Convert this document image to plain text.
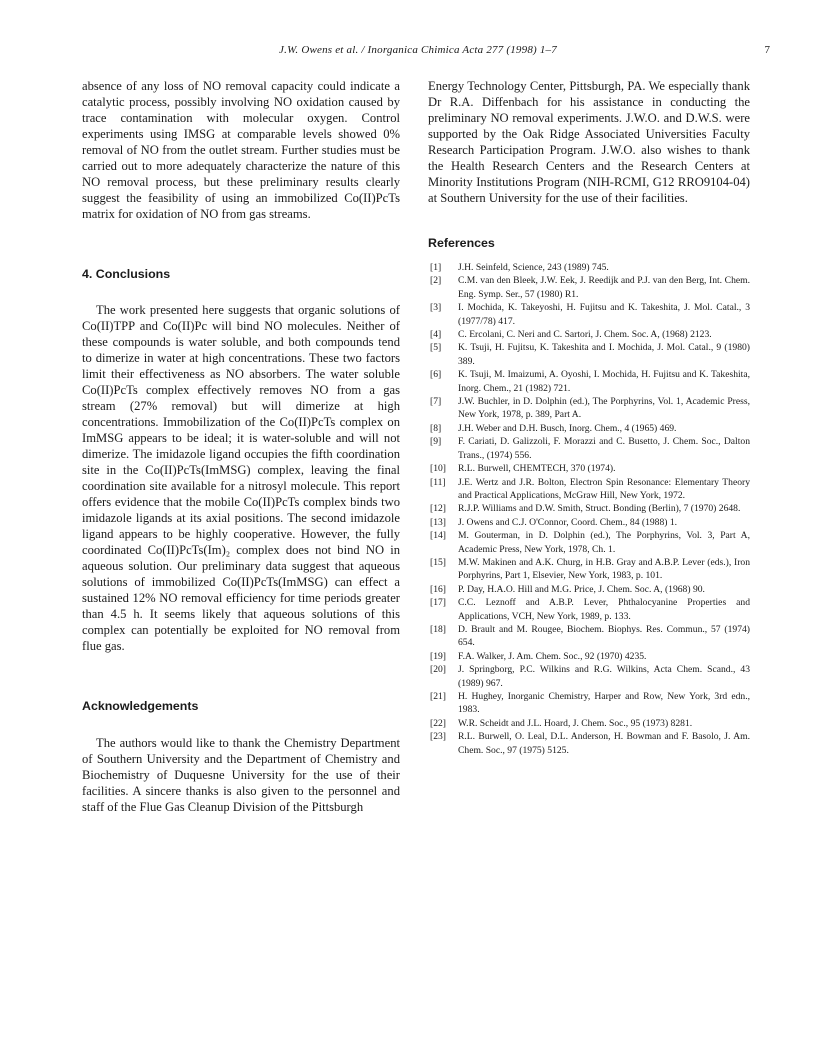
J.W. Owens et al. / Inorganica Chimica Acta 277 (1998) 1–7	7

absence of any loss of NO removal capacity could indicate a catalytic process, possibly involving NO oxidation caused by trace contamination with molecular oxygen. Control experiments using IMSG at comparable levels showed 0% removal of NO from the outlet stream. Further studies must be carried out to more adequately characterize the nature of this NO removal process, but these preliminary results clearly suggest the feasibility of using an immobilized Co(II)PcTs matrix for oxidation of NO from gas streams.

4. Conclusions

The work presented here suggests that organic solutions of Co(II)TPP and Co(II)Pc will bind NO molecules. Neither of these compounds is water soluble, and both compounds tend to dimerize in water at high concentrations. These two factors limit their effectiveness as NO absorbers. The water soluble Co(II)PcTs complex effectively removes NO from a gas stream (27% removal) but will dimerize at high concentrations. Immobilization of the Co(II)PcTs complex on ImMSG appears to be ideal; it is water-soluble and will not dimerize. The imidazole ligand occupies the fifth coordination site in the Co(II)PcTs(ImMSG) complex, leaving the final coordination site available for a nitrosyl molecule. This report offers evidence that the mobile Co(II)PcTs complex binds two imidazole ligands at its axial positions. The second imidazole ligand appears to be highly cooperative. However, the fully coordinated Co(II)PcTs(Im)₂ complex does not bind NO in aqueous solution. Our preliminary data suggest that aqueous solutions of immobilized Co(II)PcTs(ImMSG) can effect a sustained 12% NO removal efficiency for time periods greater than 4.5 h. It seems likely that aqueous solutions of this complex can potentially be exploited for NO removal from flue gas.

Acknowledgements

The authors would like to thank the Chemistry Department of Southern University and the Department of Chemistry and Biochemistry of Duquesne University for the use of their facilities. A sincere thanks is also given to the personnel and staff of the Flue Gas Cleanup Division of the Pittsburgh

Energy Technology Center, Pittsburgh, PA. We especially thank Dr R.A. Diffenbach for his assistance in conducting the preliminary NO removal experiments. J.W.O. and D.W.S. were supported by the Oak Ridge Associated Universities Faculty Research Participation Program. J.W.O. also wishes to thank the Health Research Centers and the Research Centers at Minority Institutions Program (NIH-RCMI, G12 RRO9104-04) at Southern University for the use of their facilities.

References
[1] J.H. Seinfeld, Science, 243 (1989) 745.
[2] C.M. van den Bleek, J.W. Eek, J. Reedijk and P.J. van den Berg, Int. Chem. Eng. Symp. Ser., 57 (1980) R1.
[3] I. Mochida, K. Takeyoshi, H. Fujitsu and K. Takeshita, J. Mol. Catal., 3 (1977/78) 417.
[4] C. Ercolani, C. Neri and C. Sartori, J. Chem. Soc. A, (1968) 2123.
[5] K. Tsuji, H. Fujitsu, K. Takeshita and I. Mochida, J. Mol. Catal., 9 (1980) 389.
[6] K. Tsuji, M. Imaizumi, A. Oyoshi, I. Mochida, H. Fujitsu and K. Takeshita, Inorg. Chem., 21 (1982) 721.
[7] J.W. Buchler, in D. Dolphin (ed.), The Porphyrins, Vol. 1, Academic Press, New York, 1978, p. 389, Part A.
[8] J.H. Weber and D.H. Busch, Inorg. Chem., 4 (1965) 469.
[9] F. Cariati, D. Galizzoli, F. Morazzi and C. Busetto, J. Chem. Soc., Dalton Trans., (1974) 556.
[10] R.L. Burwell, CHEMTECH, 370 (1974).
[11] J.E. Wertz and J.R. Bolton, Electron Spin Resonance: Elementary Theory and Practical Applications, McGraw Hill, New York, 1972.
[12] R.J.P. Williams and D.W. Smith, Struct. Bonding (Berlin), 7 (1970) 2648.
[13] J. Owens and C.J. O'Connor, Coord. Chem., 84 (1988) 1.
[14] M. Gouterman, in D. Dolphin (ed.), The Porphyrins, Vol. 3, Part A, Academic Press, New York, 1978, Ch. 1.
[15] M.W. Makinen and A.K. Churg, in H.B. Gray and A.B.P. Lever (eds.), Iron Porphyrins, Part 1, Elsevier, New York, 1983, p. 101.
[16] P. Day, H.A.O. Hill and M.G. Price, J. Chem. Soc. A, (1968) 90.
[17] C.C. Leznoff and A.B.P. Lever, Phthalocyanine Properties and Applications, VCH, New York, 1989, p. 133.
[18] D. Brault and M. Rougee, Biochem. Biophys. Res. Commun., 57 (1974) 654.
[19] F.A. Walker, J. Am. Chem. Soc., 92 (1970) 4235.
[20] J. Springborg, P.C. Wilkins and R.G. Wilkins, Acta Chem. Scand., 43 (1989) 967.
[21] H. Hughey, Inorganic Chemistry, Harper and Row, New York, 3rd edn., 1983.
[22] W.R. Scheidt and J.L. Hoard, J. Chem. Soc., 95 (1973) 8281.
[23] R.L. Burwell, O. Leal, D.L. Anderson, H. Bowman and F. Basolo, J. Am. Chem. Soc., 97 (1975) 5125.
